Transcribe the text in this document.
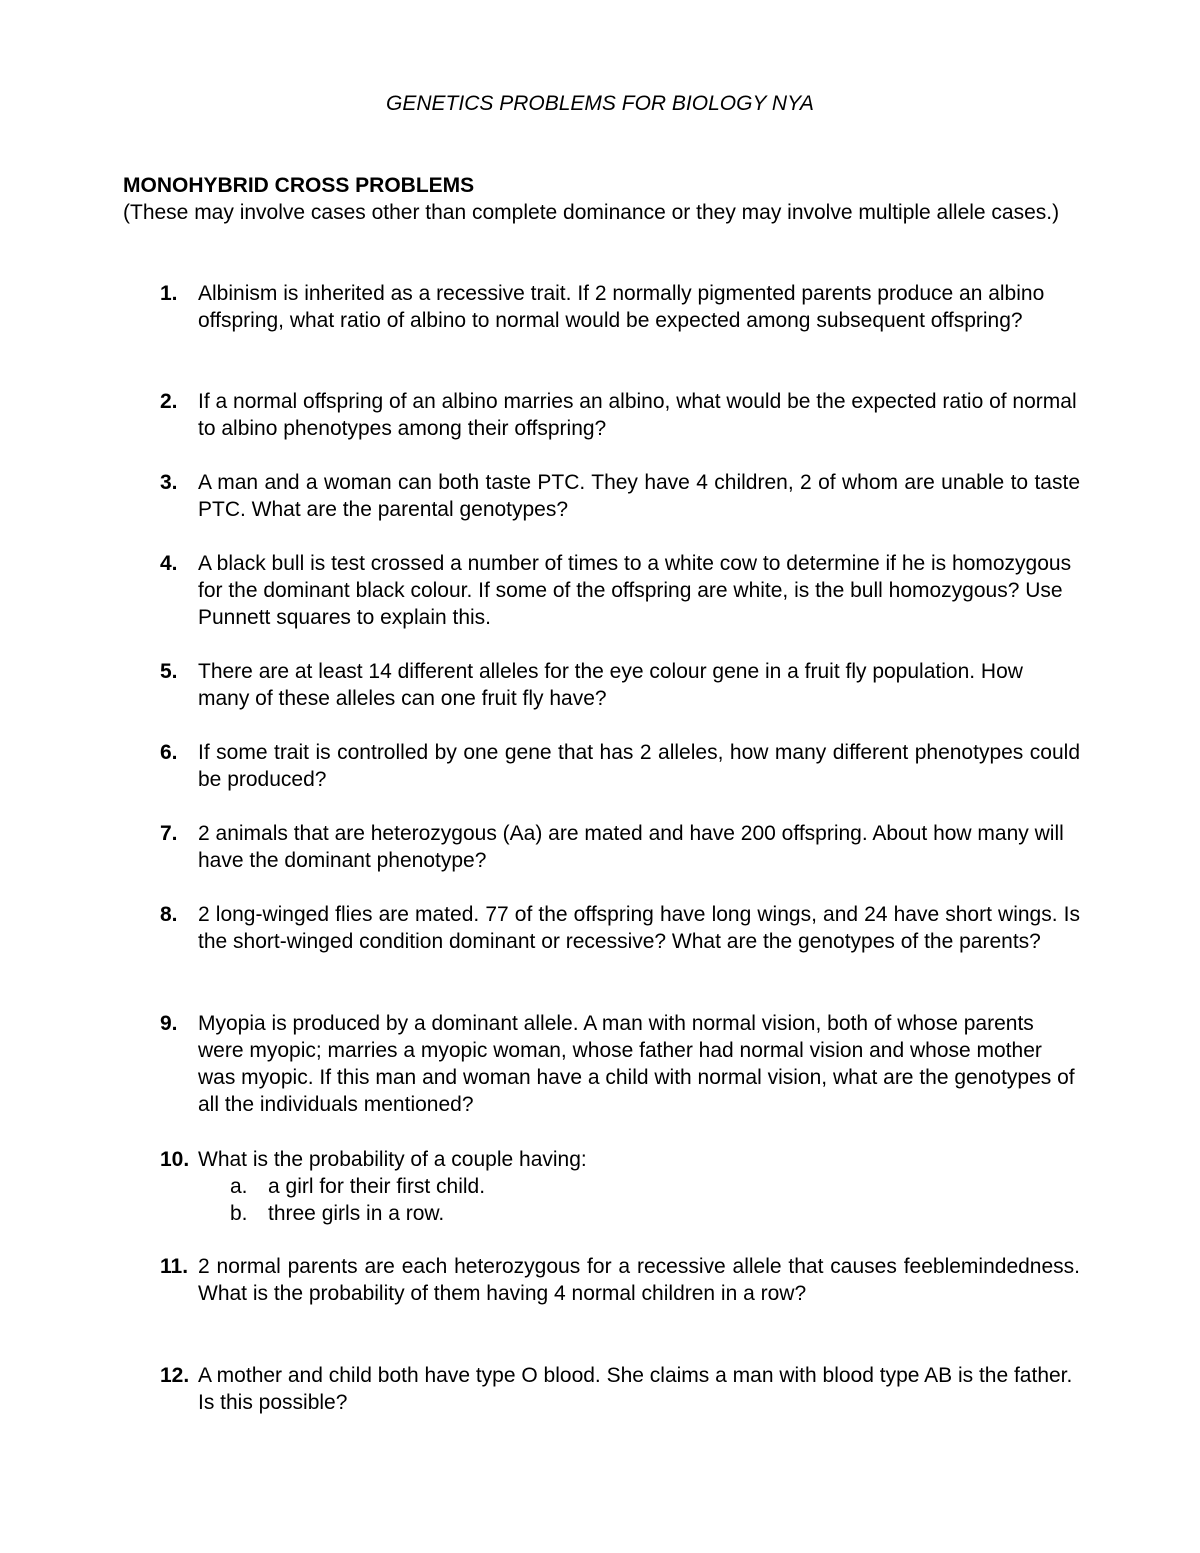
GENETICS PROBLEMS FOR BIOLOGY NYA
MONOHYBRID CROSS PROBLEMS

(These may involve cases other than complete dominance or they may involve multiple allele cases.)

1. Albinism is inherited as a recessive trait. If 2 normally pigmented parents produce an albino offspring, what ratio of albino to normal would be expected among subsequent offspring?
2. If a normal offspring of an albino marries an albino, what would be the expected ratio of normal to albino phenotypes among their offspring?
3. A man and a woman can both taste PTC. They have 4 children, 2 of whom are unable to taste PTC. What are the parental genotypes?
4. A black bull is test crossed a number of times to a white cow to determine if he is homozygous for the dominant black colour. If some of the offspring are white, is the bull homozygous? Use Punnett squares to explain this.
5. There are at least 14 different alleles for the eye colour gene in a fruit fly population. How many of these alleles can one fruit fly have?
6. If some trait is controlled by one gene that has 2 alleles, how many different phenotypes could be produced?
7. 2 animals that are heterozygous (Aa) are mated and have 200 offspring. About how many will have the dominant phenotype?
8. 2 long-winged flies are mated. 77 of the offspring have long wings, and 24 have short wings. Is the short-winged condition dominant or recessive? What are the genotypes of the parents?
9. Myopia is produced by a dominant allele. A man with normal vision, both of whose parents were myopic; marries a myopic woman, whose father had normal vision and whose mother was myopic. If this man and woman have a child with normal vision, what are the genotypes of all the individuals mentioned?
10. What is the probability of a couple having:
a. a girl for their first child.
b. three girls in a row.
11. 2 normal parents are each heterozygous for a recessive allele that causes feeblemindedness. What is the probability of them having 4 normal children in a row?
12. A mother and child both have type O blood. She claims a man with blood type AB is the father. Is this possible?
